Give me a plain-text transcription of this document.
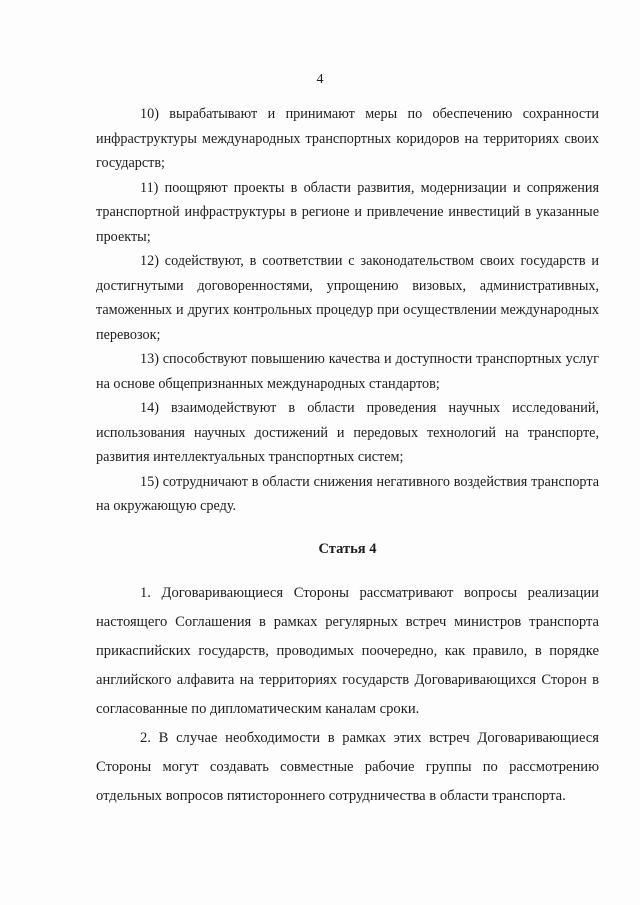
4

10) вырабатывают и принимают меры по обеспечению сохранности инфраструктуры международных транспортных коридоров на территориях своих государств;

11) поощряют проекты в области развития, модернизации и сопряжения транспортной инфраструктуры в регионе и привлечение инвестиций в указанные проекты;

12) содействуют, в соответствии с законодательством своих государств и достигнутыми договоренностями, упрощению визовых, административных, таможенных и других контрольных процедур при осуществлении международных перевозок;

13) способствуют повышению качества и доступности транспортных услуг на основе общепризнанных международных стандартов;

14) взаимодействуют в области проведения научных исследований, использования научных достижений и передовых технологий на транспорте, развития интеллектуальных транспортных систем;

15) сотрудничают в области снижения негативного воздействия транспорта на окружающую среду.

Статья 4

1. Договаривающиеся Стороны рассматривают вопросы реализации настоящего Соглашения в рамках регулярных встреч министров транспорта прикаспийских государств, проводимых поочередно, как правило, в порядке английского алфавита на территориях государств Договаривающихся Сторон в согласованные по дипломатическим каналам сроки.

2. В случае необходимости в рамках этих встреч Договаривающиеся Стороны могут создавать совместные рабочие группы по рассмотрению отдельных вопросов пятистороннего сотрудничества в области транспорта.
